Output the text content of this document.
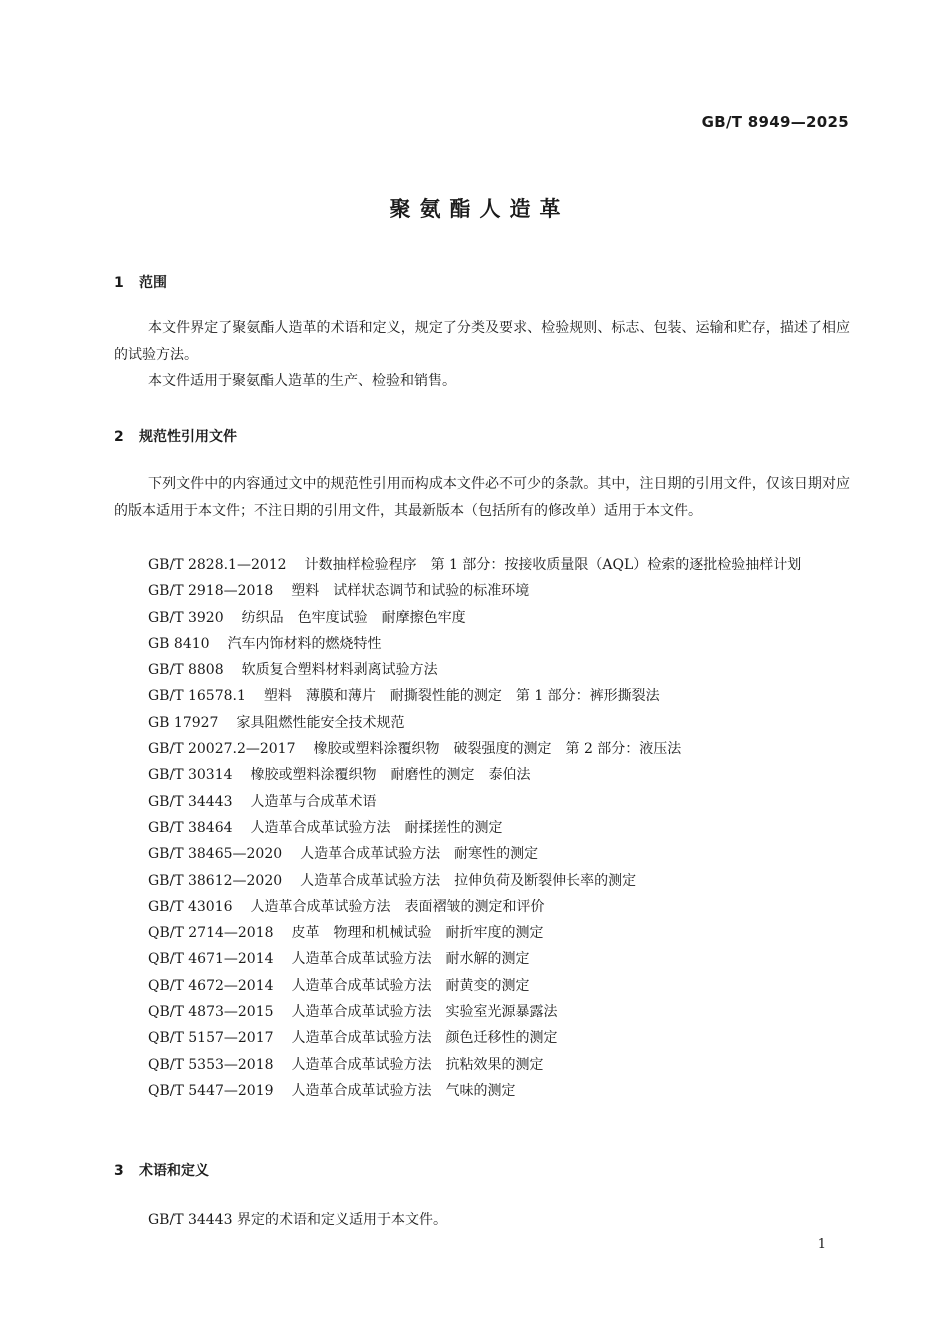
GB/T 8949—2025
聚氨酯人造革
1 范围
本文件界定了聚氨酯人造革的术语和定义，规定了分类及要求、检验规则、标志、包装、运输和贮存，描述了相应的试验方法。
本文件适用于聚氨酯人造革的生产、检验和销售。
2 规范性引用文件
下列文件中的内容通过文中的规范性引用而构成本文件必不可少的条款。其中，注日期的引用文件，仅该日期对应的版本适用于本文件；不注日期的引用文件，其最新版本（包括所有的修改单）适用于本文件。
GB/T 2828.1—2012 计数抽样检验程序　第 1 部分：按接收质量限（AQL）检索的逐批检验抽样计划
GB/T 2918—2018 塑料　试样状态调节和试验的标准环境
GB/T 3920 纺织品　色牢度试验　耐摩擦色牢度
GB 8410 汽车内饰材料的燃烧特性
GB/T 8808 软质复合塑料材料剥离试验方法
GB/T 16578.1 塑料　薄膜和薄片　耐撕裂性能的测定　第 1 部分：裤形撕裂法
GB 17927 家具阻燃性能安全技术规范
GB/T 20027.2—2017 橡胶或塑料涂覆织物　破裂强度的测定　第 2 部分：液压法
GB/T 30314 橡胶或塑料涂覆织物　耐磨性的测定　泰伯法
GB/T 34443 人造革与合成革术语
GB/T 38464 人造革合成革试验方法　耐揉搓性的测定
GB/T 38465—2020 人造革合成革试验方法　耐寒性的测定
GB/T 38612—2020 人造革合成革试验方法　拉伸负荷及断裂伸长率的测定
GB/T 43016 人造革合成革试验方法　表面褶皱的测定和评价
QB/T 2714—2018 皮革　物理和机械试验　耐折牢度的测定
QB/T 4671—2014 人造革合成革试验方法　耐水解的测定
QB/T 4672—2014 人造革合成革试验方法　耐黄变的测定
QB/T 4873—2015 人造革合成革试验方法　实验室光源暴露法
QB/T 5157—2017 人造革合成革试验方法　颜色迁移性的测定
QB/T 5353—2018 人造革合成革试验方法　抗粘效果的测定
QB/T 5447—2019 人造革合成革试验方法　气味的测定
3 术语和定义
GB/T 34443 界定的术语和定义适用于本文件。
1
